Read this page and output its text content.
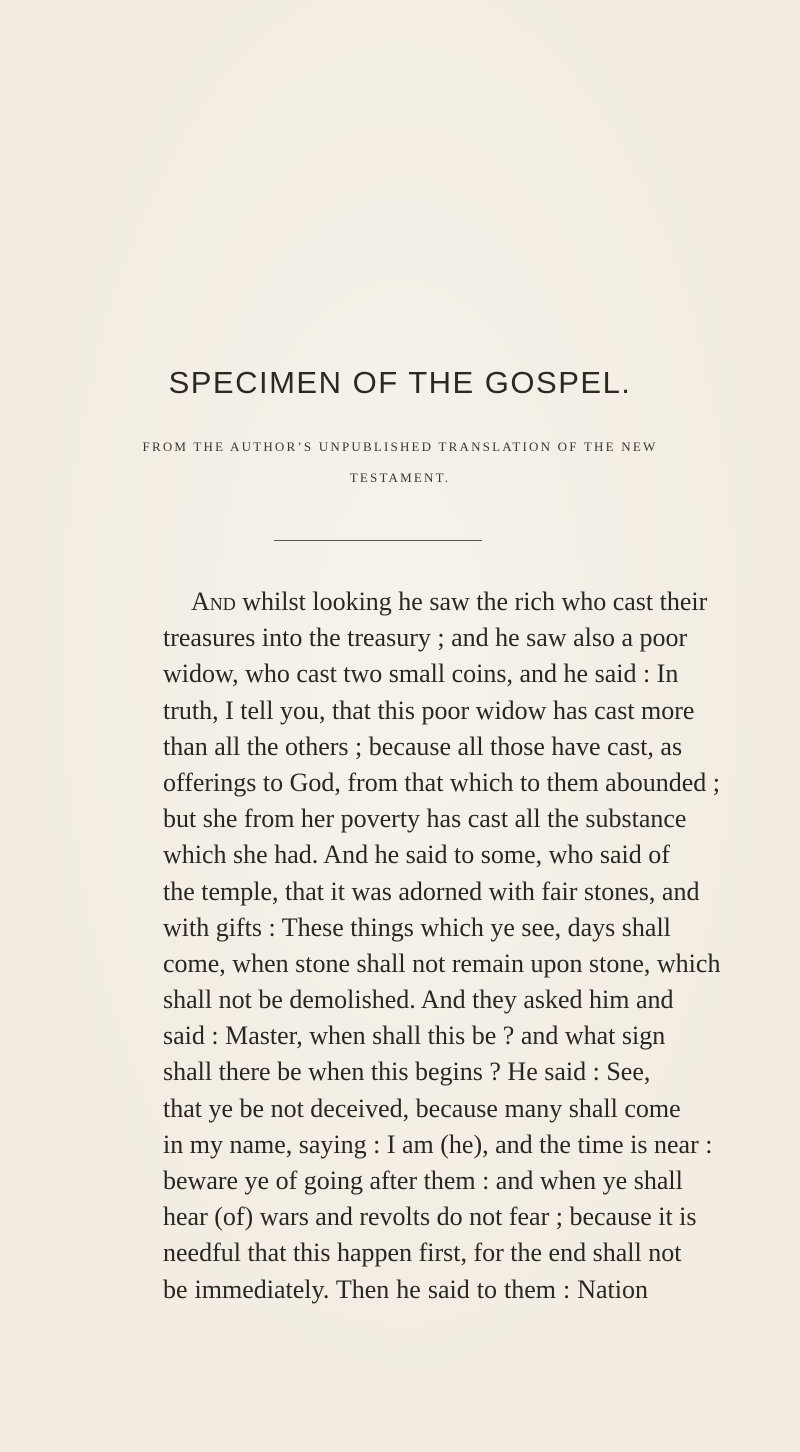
SPECIMEN OF THE GOSPEL.
FROM THE AUTHOR’S UNPUBLISHED TRANSLATION OF THE NEW
TESTAMENT.
And whilst looking he saw the rich who cast their
treasures into the treasury ; and he saw also a poor
widow, who cast two small coins, and he said : In
truth, I tell you, that this poor widow has cast more
than all the others ; because all those have cast, as
offerings to God, from that which to them abounded ;
but she from her poverty has cast all the substance
which she had. And he said to some, who said of
the temple, that it was adorned with fair stones, and
with gifts : These things which ye see, days shall
come, when stone shall not remain upon stone, which
shall not be demolished. And they asked him and
said : Master, when shall this be ? and what sign
shall there be when this begins ? He said : See,
that ye be not deceived, because many shall come
in my name, saying : I am (he), and the time is near :
beware ye of going after them : and when ye shall
hear (of) wars and revolts do not fear ; because it is
needful that this happen first, for the end shall not
be immediately. Then he said to them : Nation
